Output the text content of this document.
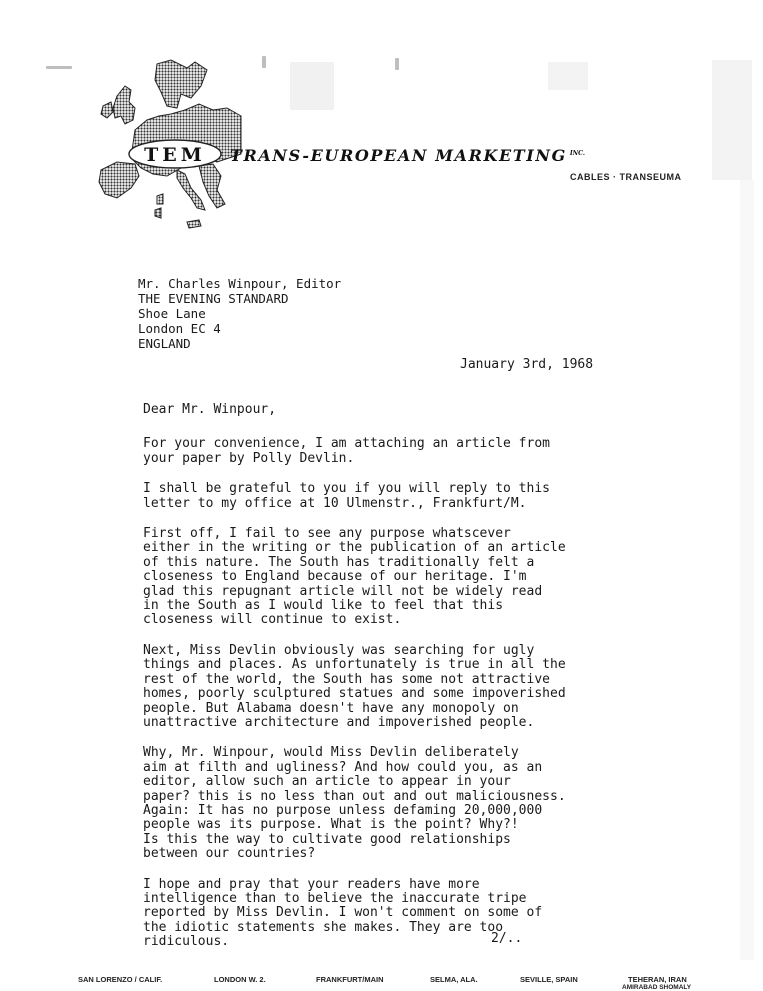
TEM TRANS-EUROPEAN MARKETING $^{INC.}$
CABLES · TRANSEUMA
Mr. Charles Winpour, Editor
THE EVENING STANDARD
Shoe Lane
London EC 4
ENGLAND
January 3rd, 1968
Dear Mr. Winpour,
For your convenience, I am attaching an article from
your paper by Polly Devlin.
I shall be grateful to you if you will reply to this
letter to my office at 10 Ulmenstr., Frankfurt/M.
First off, I fail to see any purpose whatscever
either in the writing or the publication of an article
of this nature. The South has traditionally felt a
closeness to England because of our heritage. I'm
glad this repugnant article will not be widely read
in the South as I would like to feel that this
closeness will continue to exist.
Next, Miss Devlin obviously was searching for ugly
things and places. As unfortunately is true in all the
rest of the world, the South has some not attractive
homes, poorly sculptured statues and some impoverished
people. But Alabama doesn't have any monopoly on
unattractive architecture and impoverished people.
Why, Mr. Winpour, would Miss Devlin deliberately
aim at filth and ugliness? And how could you, as an
editor, allow such an article to appear in your
paper? this is no less than out and out maliciousness.
Again: It has no purpose unless defaming 20,000,000
people was its purpose. What is the point? Why?!
Is this the way to cultivate good relationships
between our countries?
I hope and pray that your readers have more
intelligence than to believe the inaccurate tripe
reported by Miss Devlin. I won't comment on some of
the idiotic statements she makes. They are too
ridiculous.	2/..
SAN LORENZO / CALIF.	LONDON W. 2.	FRANKFURT/MAIN	SELMA, ALA.	SEVILLE, SPAIN	TEHERAN, IRAN
AMIRABAD SHOMALY
